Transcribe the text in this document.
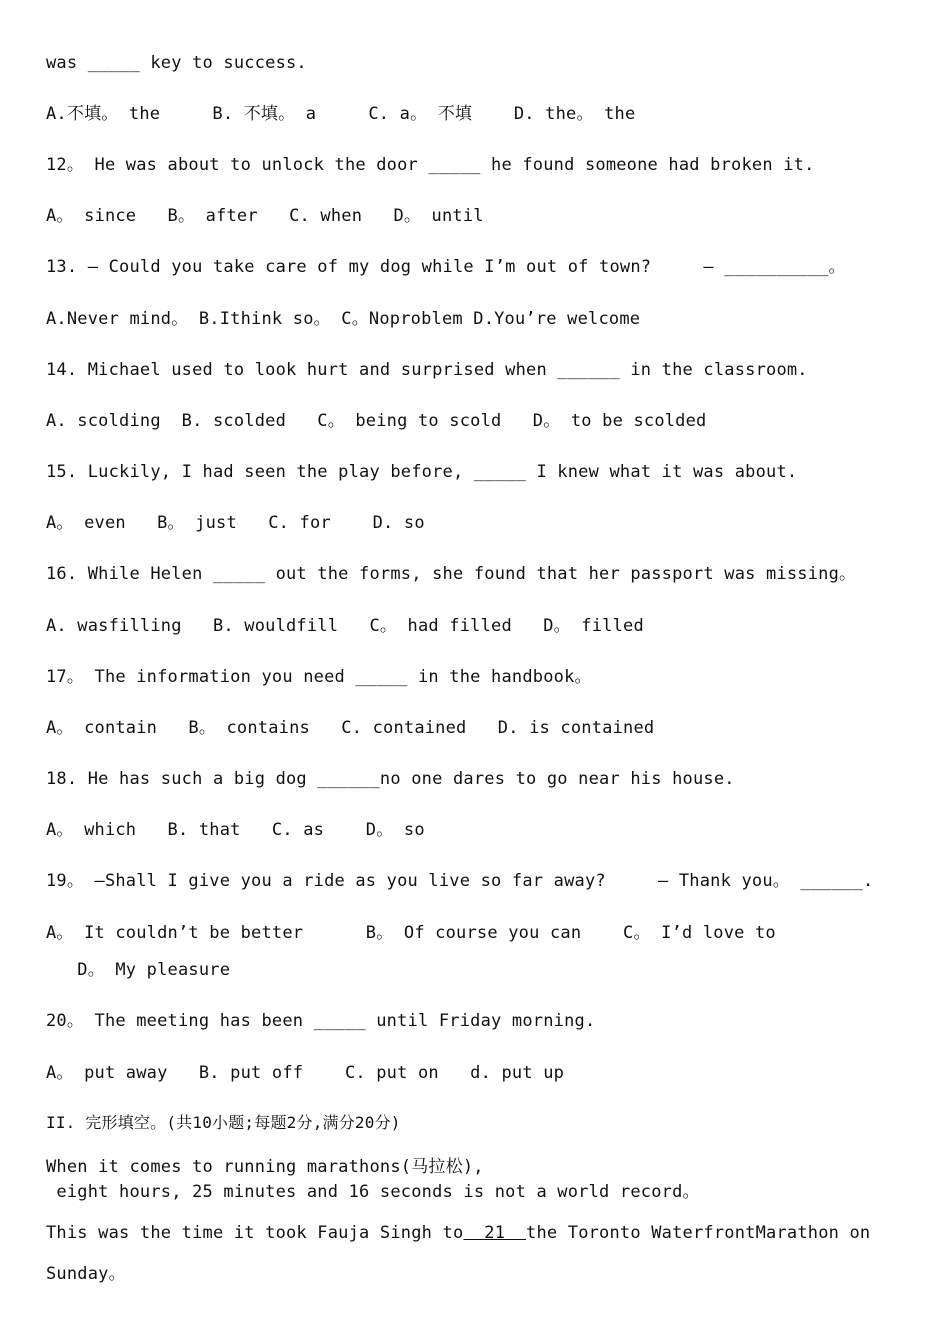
was _____ key to success.
A.不填。 the     B. 不填。 a     C. a。 不填    D. the。 the
12。 He was about to unlock the door _____ he found someone had broken it.
A。 since   B。 after   C. when   D。 until
13. — Could you take care of my dog while I’m out of town?     — __________。
A.Never mind。 B.Ithink so。 C。Noproblem D.You’re welcome
14. Michael used to look hurt and surprised when ______ in the classroom.
A. scolding  B. scolded   C。 being to scold   D。 to be scolded
15. Luckily, I had seen the play before, _____ I knew what it was about.
A。 even   B。 just   C. for    D. so
16. While Helen _____ out the forms, she found that her passport was missing。
A. wasfilling   B. wouldfill   C。 had filled   D。 filled
17。 The information you need _____ in the handbook。
A。 contain   B。 contains   C. contained   D. is contained
18. He has such a big dog ______no one dares to go near his house.
A。 which   B. that   C. as    D。 so
19。 —Shall I give you a ride as you live so far away?     — Thank you。 ______.
A。 It couldn’t be better      B。 Of course you can    C。 I’d love to
D。 My pleasure
20。 The meeting has been _____ until Friday morning.
A。 put away   B. put off    C. put on   d. put up
II. 完形填空。(共10小题;每题2分,满分20分)
When it comes to running marathons(马拉松),
eight hours, 25 minutes and 16 seconds is not a world record。
This was the time it took Fauja Singh to  21  the Toronto WaterfrontMarathon on
Sunday。
